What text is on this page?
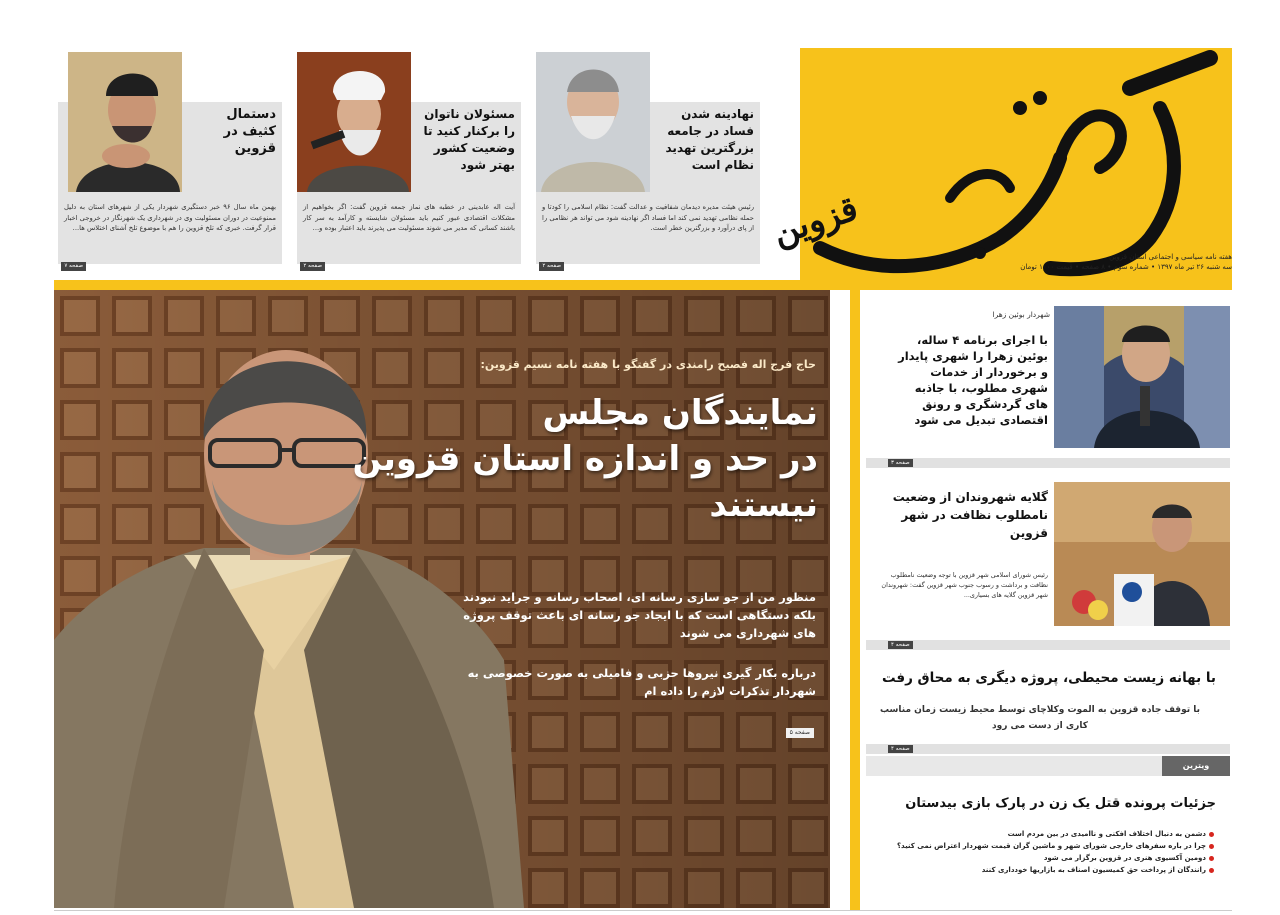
قزوین
هفته نامه سیاسی و اجتماعی استان قزوین
سه شنبه ۲۶ تیر ماه ۱۳۹۷ • شماره سوم • ۸ صفحه • قیمت ۱۰۰۰ تومان
نهادینه شدن فساد در جامعه بزرگترین تهدید نظام است
رئیس هیئت مدیره دیدمان شفافیت و عدالت گفت: نظام اسلامی را کودتا و حمله نظامی تهدید نمی کند اما فساد اگر نهادینه شود می تواند هر نظامی را از پای درآورد و بزرگترین خطر است.
صفحه ۲
مسئولان ناتوان را برکنار کنید تا وضعیت کشور بهتر شود
آیت اله عابدینی در خطبه های نماز جمعه قزوین گفت: اگر بخواهیم از مشکلات اقتصادی عبور کنیم باید مسئولان شایسته و کارآمد به سر کار باشند کسانی که مدیر می شوند مسئولیت می پذیرند باید اعتبار بوده و...
صفحه ۲
دستمال کثیف در قزوین
بهمن ماه سال ۹۶ خبر دستگیری شهردار یکی از شهرهای استان به دلیل ممنوعیت در دوران مسئولیت وی در شهرداری یک شهرنگار در خروجی اخبار قرار گرفت. خبری که تلخ قزوین را هم با موضوع تلخ آشنای اختلاس ها...
صفحه ۷
حاج فرج اله فصیح رامندی در گفتگو با هفته نامه نسیم قزوین:
نمایندگان مجلس
در حد و اندازه استان قزوین
نیستند
منظور من از جو سازی رسانه ای، اصحاب رسانه و جراید نبودند بلکه دستگاهی است که با ایجاد جو رسانه ای باعث توقف پروژه های شهرداری می شوند
درباره بکار گیری نیروها حزبی و فامیلی به صورت خصوصی به شهردار تذکرات لازم را داده ام
صفحه ۵
شهردار بوئین زهرا
با اجرای برنامه ۴ ساله، بوئین زهرا را شهری پایدار و برخوردار از خدمات شهری مطلوب، با جاذبه های گردشگری و رونق اقتصادی تبدیل می شود
صفحه ۳
گلایه شهروندان از وضعیت نامطلوب نظافت در شهر قزوین
رئیس شورای اسلامی شهر قزوین با توجه وضعیت نامطلوب نظافت و برداشت و رسوب جنوب شهر قزوین گفت: شهروندان شهر قزوین گلایه های بسیاری...
صفحه ۴
با بهانه زیست محیطی، پروژه دیگری به محاق رفت
با توقف جاده قزوین به الموت وکلاچای توسط محیط زیست زمان مناسب کاری از دست می رود
صفحه ۴
ویترین
جزئیات پرونده قتل یک زن در پارک بازی بیدستان
دشمن به دنبال اختلاف افکنی و ناامیدی در بین مردم است
چرا در باره سفرهای خارجی شورای شهر و ماشین گران قیمت شهردار اعتراض نمی کنید؟
دومین آکسیوی هنری در قزوین برگزار می شود
رانندگان از پرداخت حق کمیسیون اصناف به بازاریها خودداری کنند
